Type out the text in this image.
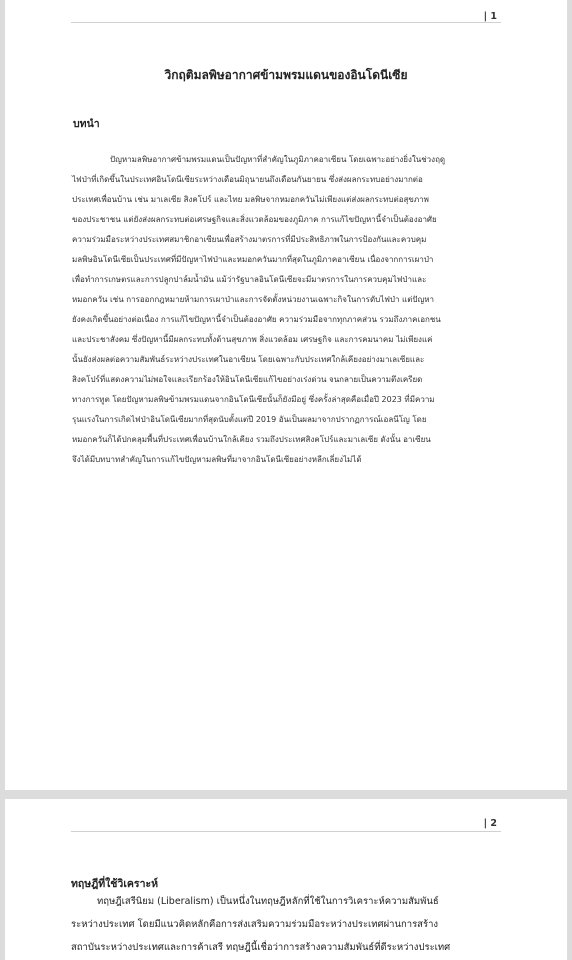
| 1
วิกฤติมลพิษอากาศข้ามพรมแดนของอินโดนีเซีย
บทนำ
ปัญหามลพิษอากาศข้ามพรมแดนเป็นปัญหาที่สำคัญในภูมิภาคอาเซียน โดยเฉพาะอย่างยิ่งในช่วงฤดู
ไฟป่าที่เกิดขึ้นในประเทศอินโดนีเซียระหว่างเดือนมิถุนายนถึงเดือนกันยายน ซึ่งส่งผลกระทบอย่างมากต่อ
ประเทศเพื่อนบ้าน เช่น มาเลเซีย สิงคโปร์ และไทย มลพิษจากหมอกควันไม่เพียงแต่ส่งผลกระทบต่อสุขภาพ
ของประชาชน แต่ยังส่งผลกระทบต่อเศรษฐกิจและสิ่งแวดล้อมของภูมิภาค การแก้ไขปัญหานี้จำเป็นต้องอาศัย
ความร่วมมือระหว่างประเทศสมาชิกอาเซียนเพื่อสร้างมาตรการที่มีประสิทธิภาพในการป้องกันและควบคุม
มลพิษอินโดนีเซียเป็นประเทศที่มีปัญหาไฟป่าและหมอกควันมากที่สุดในภูมิภาคอาเซียน เนื่องจากการเผาป่า
เพื่อทำการเกษตรและการปลูกปาล์มน้ำมัน แม้ว่ารัฐบาลอินโดนีเซียจะมีมาตรการในการควบคุมไฟป่าและ
หมอกควัน เช่น การออกกฎหมายห้ามการเผาป่าและการจัดตั้งหน่วยงานเฉพาะกิจในการดับไฟป่า แต่ปัญหา
ยังคงเกิดขึ้นอย่างต่อเนื่อง การแก้ไขปัญหานี้จำเป็นต้องอาศัย ความร่วมมือจากทุกภาคส่วน รวมถึงภาคเอกชน
และประชาสังคม ซึ่งปัญหานี้มีผลกระทบทั้งด้านสุขภาพ สิ่งแวดล้อม เศรษฐกิจ และการคมนาคม ไม่เพียงแค่
นั้นยังส่งผลต่อความสัมพันธ์ระหว่างประเทศในอาเซียน โดยเฉพาะกับประเทศใกล้เคียงอย่างมาเลเซียและ
สิงคโปร์ที่แสดงความไม่พอใจและเรียกร้องให้อินโดนีเซียแก้ไขอย่างเร่งด่วน จนกลายเป็นความตึงเครียด
ทางการทูต โดยปัญหามลพิษข้ามพรมแดนจากอินโดนีเซียนั้นก็ยังมีอยู่ ซึ่งครั้งล่าสุดคือเมื่อปี 2023 ที่มีความ
รุนแรงในการเกิดไฟป่าอินโดนีเซียมากที่สุดนับตั้งแต่ปี 2019 อันเป็นผลมาจากปรากฏการณ์เอลนีโญ โดย
หมอกควันก็ได้ปกคลุมพื้นที่ประเทศเพื่อนบ้านใกล้เคียง รวมถึงประเทศสิงคโปร์และมาเลเซีย ดังนั้น อาเซียน
จึงได้มีบทบาทสำคัญในการแก้ไขปัญหามลพิษที่มาจากอินโดนีเซียอย่างหลีกเลี่ยงไม่ได้
| 2
ทฤษฎีที่ใช้วิเคราะห์
ทฤษฎีเสรีนิยม (Liberalism) เป็นหนึ่งในทฤษฎีหลักที่ใช้ในการวิเคราะห์ความสัมพันธ์
ระหว่างประเทศ โดยมีแนวคิดหลักคือการส่งเสริมความร่วมมือระหว่างประเทศผ่านการสร้าง
สถาบันระหว่างประเทศและการค้าเสรี ทฤษฎีนี้เชื่อว่าการสร้างความสัมพันธ์ที่ดีระหว่างประเทศ
